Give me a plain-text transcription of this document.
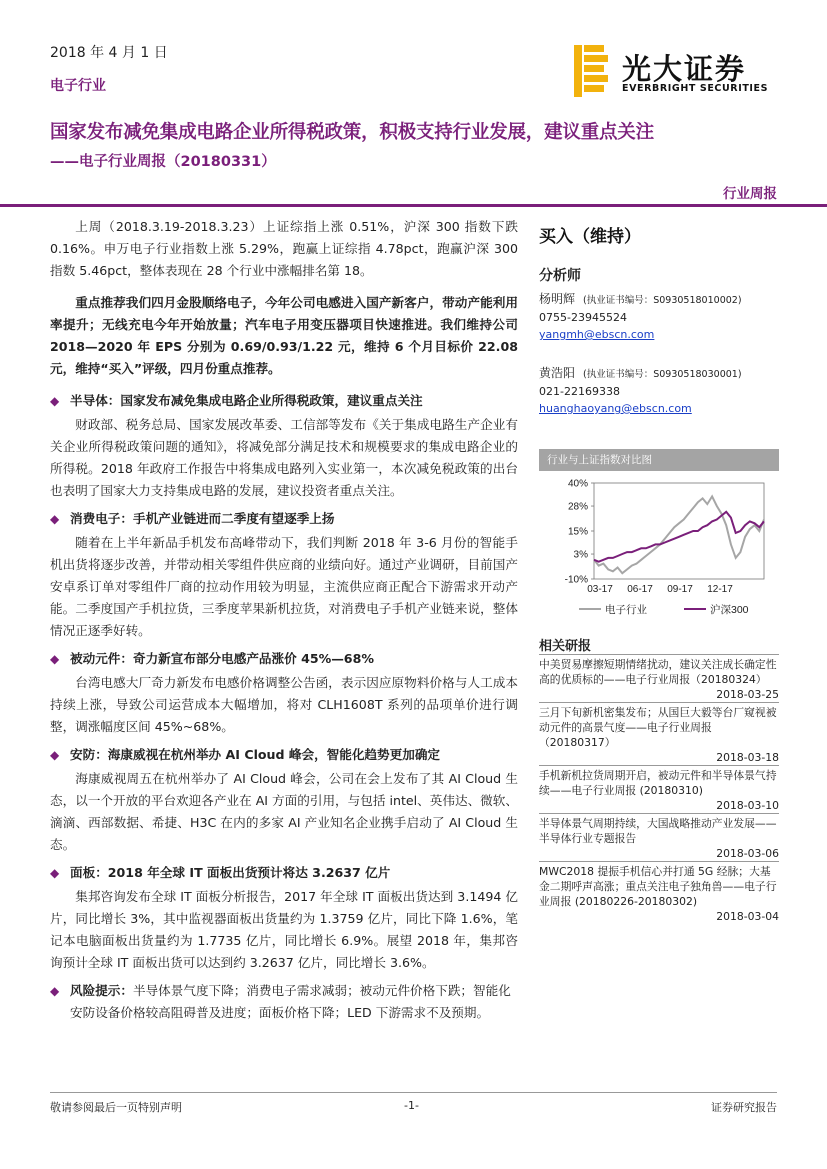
2018 年 4 月 1 日
电子行业	光大证券
EVERBRIGHT SECURITIES
国家发布减免集成电路企业所得税政策，积极支持行业发展，建议重点关注
——电子行业周报（20180331）
行业周报

上周（2018.3.19-2018.3.23）上证综指上涨 0.51%，沪深 300 指数下跌 0.16%。申万电子行业指数上涨 5.29%，跑赢上证综指 4.78pct，跑赢沪深 300 指数 5.46pct，整体表现在 28 个行业中涨幅排名第 18。

重点推荐我们四月金股顺络电子，今年公司电感进入国产新客户，带动产能利用率提升；无线充电今年开始放量；汽车电子用变压器项目快速推进。我们维持公司 2018—2020 年 EPS 分别为 0.69/0.93/1.22 元，维持 6 个月目标价 22.08 元，维持“买入”评级，四月份重点推荐。

◆ 半导体：国家发布减免集成电路企业所得税政策，建议重点关注

财政部、税务总局、国家发展改革委、工信部等发布《关于集成电路生产企业有关企业所得税政策问题的通知》，将减免部分满足技术和规模要求的集成电路企业的所得税。2018 年政府工作报告中将集成电路列入实业第一，本次减免税政策的出台也表明了国家大力支持集成电路的发展，建议投资者重点关注。

◆ 消费电子：手机产业链进而二季度有望逐季上扬

随着在上半年新品手机发布高峰带动下，我们判断 2018 年 3-6 月份的智能手机出货将逐步改善，并带动相关零组件供应商的业绩向好。通过产业调研，目前国产安卓系订单对零组件厂商的拉动作用较为明显，主流供应商正配合下游需求开动产能。二季度国产手机拉货，三季度苹果新机拉货，对消费电子手机产业链来说，整体情况正逐季好转。

◆ 被动元件：奇力新宣布部分电感产品涨价 45%—68%

台湾电感大厂奇力新发布电感价格调整公告函，表示因应原物料价格与人工成本持续上涨，导致公司运营成本大幅增加，将对 CLH1608T 系列的品项单价进行调整，调涨幅度区间 45%~68%。

◆ 安防：海康威视在杭州举办 AI Cloud 峰会，智能化趋势更加确定

海康威视周五在杭州举办了 AI Cloud 峰会，公司在会上发布了其 AI Cloud 生态，以一个开放的平台欢迎各产业在 AI 方面的引用，与包括 intel、英伟达、微软、滴滴、西部数据、希捷、H3C 在内的多家 AI 产业知名企业携手启动了 AI Cloud 生态。

◆ 面板：2018 年全球 IT 面板出货预计将达 3.2637 亿片

集邦咨询发布全球 IT 面板分析报告，2017 年全球 IT 面板出货达到 3.1494 亿片，同比增长 3%，其中监视器面板出货量约为 1.3759 亿片，同比下降 1.6%，笔记本电脑面板出货量约为 1.7735 亿片，同比增长 6.9%。展望 2018 年，集邦咨询预计全球 IT 面板出货可以达到约 3.2637 亿片，同比增长 3.6%。

◆ 风险提示：半导体景气度下降；消费电子需求减弱；被动元件价格下跌；智能化安防设备价格较高阻碍普及进度；面板价格下降；LED 下游需求不及预期。
买入（维持）
分析师
杨明辉 (执业证书编号：S0930518010002)
0755-23945524
yangmh@ebscn.com
黄浩阳 (执业证书编号：S0930518030001)
021-22169338
huanghaoyang@ebscn.com
行业与上证指数对比图
40%
28%
15%
3%
-10%
03-17 06-17 09-17 12-17
电子行业	沪深300
相关研报
中美贸易摩擦短期情绪扰动，建议关注成长确定性高的优质标的——电子行业周报（20180324）
2018-03-25
三月下旬新机密集发布；从国巨大毅等台厂窥视被动元件的高景气度——电子行业周报（20180317）
2018-03-18
手机新机拉货周期开启，被动元件和半导体景气持续——电子行业周报 (20180310)
2018-03-10
半导体景气周期持续，大国战略推动产业发展——半导体行业专题报告
2018-03-06
MWC2018 提振手机信心并打通 5G 经脉；大基金二期呼声高涨；重点关注电子独角兽——电子行业周报 (20180226-20180302)
2018-03-04
敬请参阅最后一页特别声明	-1-	证券研究报告
